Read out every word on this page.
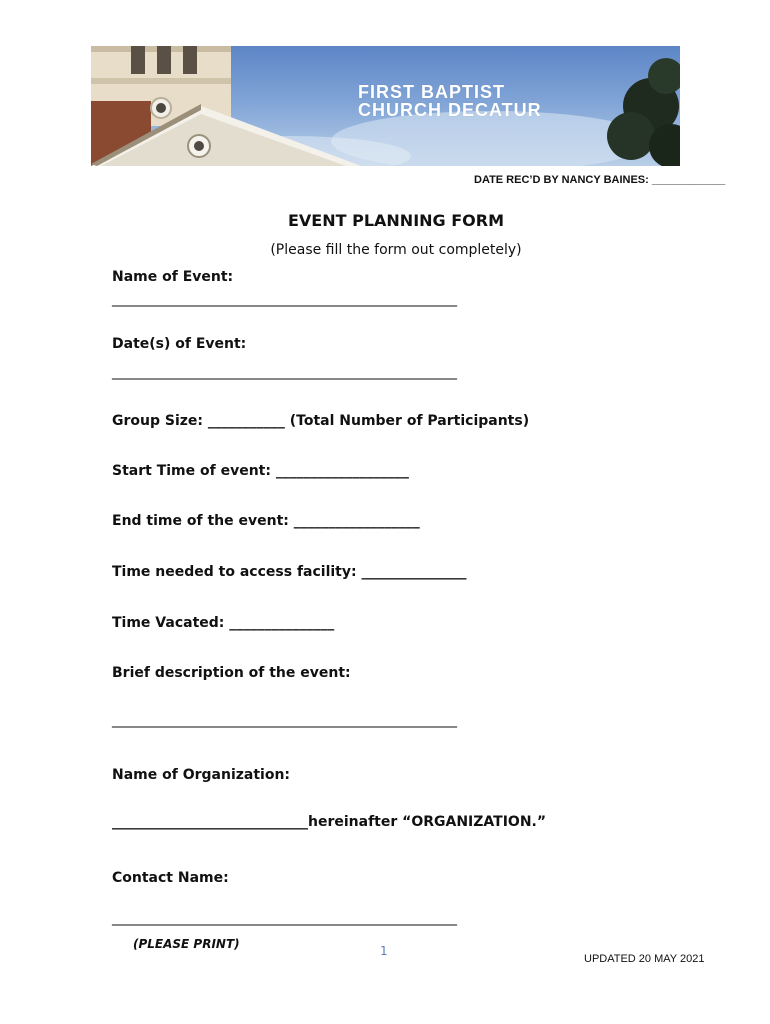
FIRST BAPTIST
CHURCH DECATUR
DATE REC’D BY NANCY BAINES: ____________
EVENT PLANNING FORM
(Please fill the form out completely)
Name of Event:
_____________________________________________________
Date(s) of Event:
_____________________________________________________
Group Size: ___________ (Total Number of Participants)
Start Time of event: ___________________
End time of the event: __________________
Time needed to access facility: _______________
Time Vacated: _______________
Brief description of the event:
_____________________________________________________
Name of Organization:
____________________________hereinafter “ORGANIZATION.”
Contact Name:
_____________________________________________________
(PLEASE PRINT)	1
UPDATED 20 MAY 2021
